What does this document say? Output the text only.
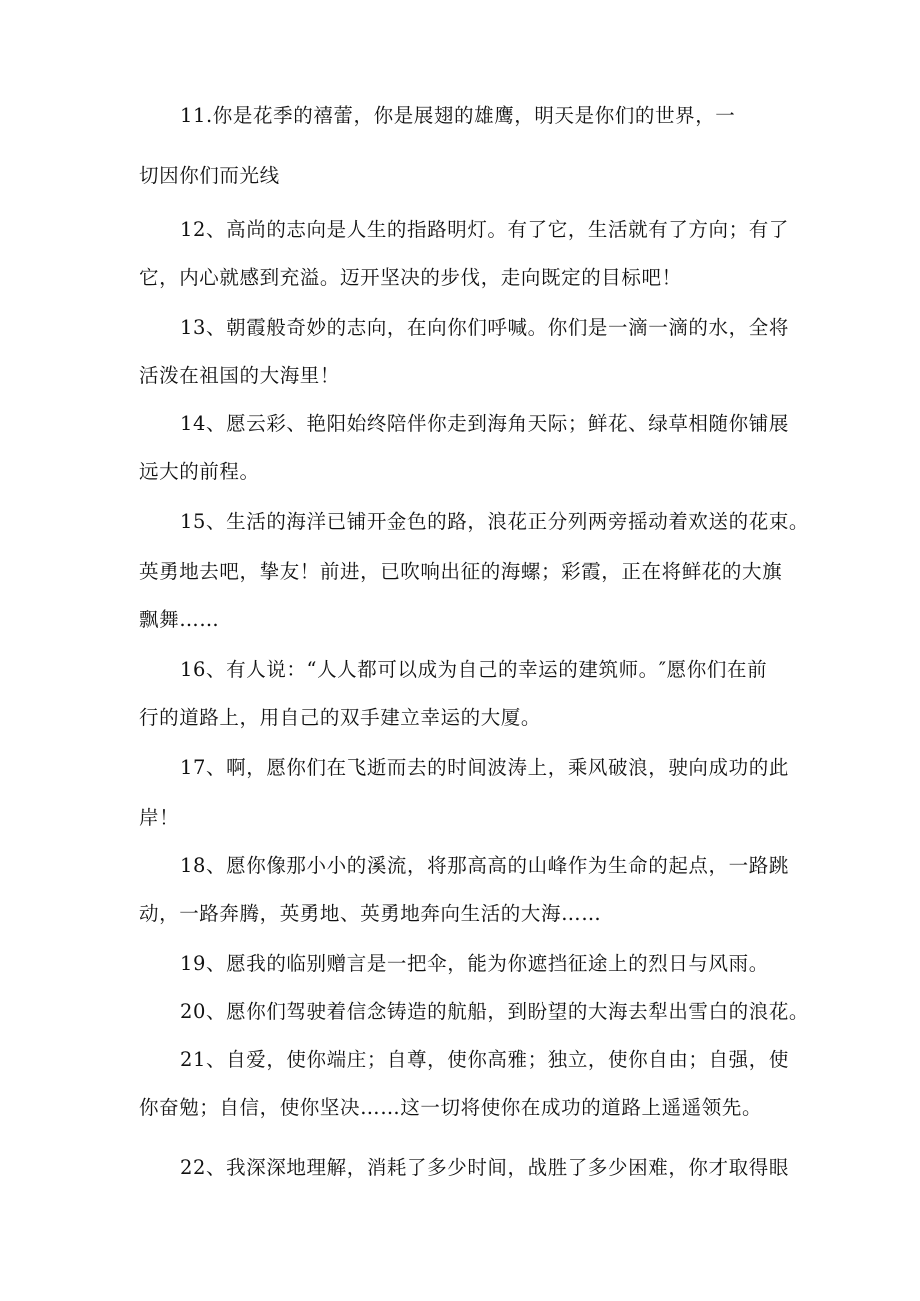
11.你是花季的禧蕾，你是展翅的雄鹰，明天是你们的世界，一
切因你们而光线
12、高尚的志向是人生的指路明灯。有了它，生活就有了方向；有了
它，内心就感到充溢。迈开坚决的步伐，走向既定的目标吧！
13、朝霞般奇妙的志向，在向你们呼喊。你们是一滴一滴的水，全将
活泼在祖国的大海里！
14、愿云彩、艳阳始终陪伴你走到海角天际；鲜花、绿草相随你铺展
远大的前程。
15、生活的海洋已铺开金色的路，浪花正分列两旁摇动着欢送的花束。
英勇地去吧，挚友！前进，已吹响出征的海螺；彩霞，正在将鲜花的大旗
飘舞……
16、有人说：“人人都可以成为自己的幸运的建筑师。″愿你们在前
行的道路上，用自己的双手建立幸运的大厦。
17、啊，愿你们在飞逝而去的时间波涛上，乘风破浪，驶向成功的此
岸！
18、愿你像那小小的溪流，将那高高的山峰作为生命的起点，一路跳
动，一路奔腾，英勇地、英勇地奔向生活的大海……
19、愿我的临别赠言是一把伞，能为你遮挡征途上的烈日与风雨。
20、愿你们驾驶着信念铸造的航船，到盼望的大海去犁出雪白的浪花。
21、自爱，使你端庄；自尊，使你高雅；独立，使你自由；自强，使
你奋勉；自信，使你坚决……这一切将使你在成功的道路上遥遥领先。
22、我深深地理解，消耗了多少时间，战胜了多少困难，你才取得眼
